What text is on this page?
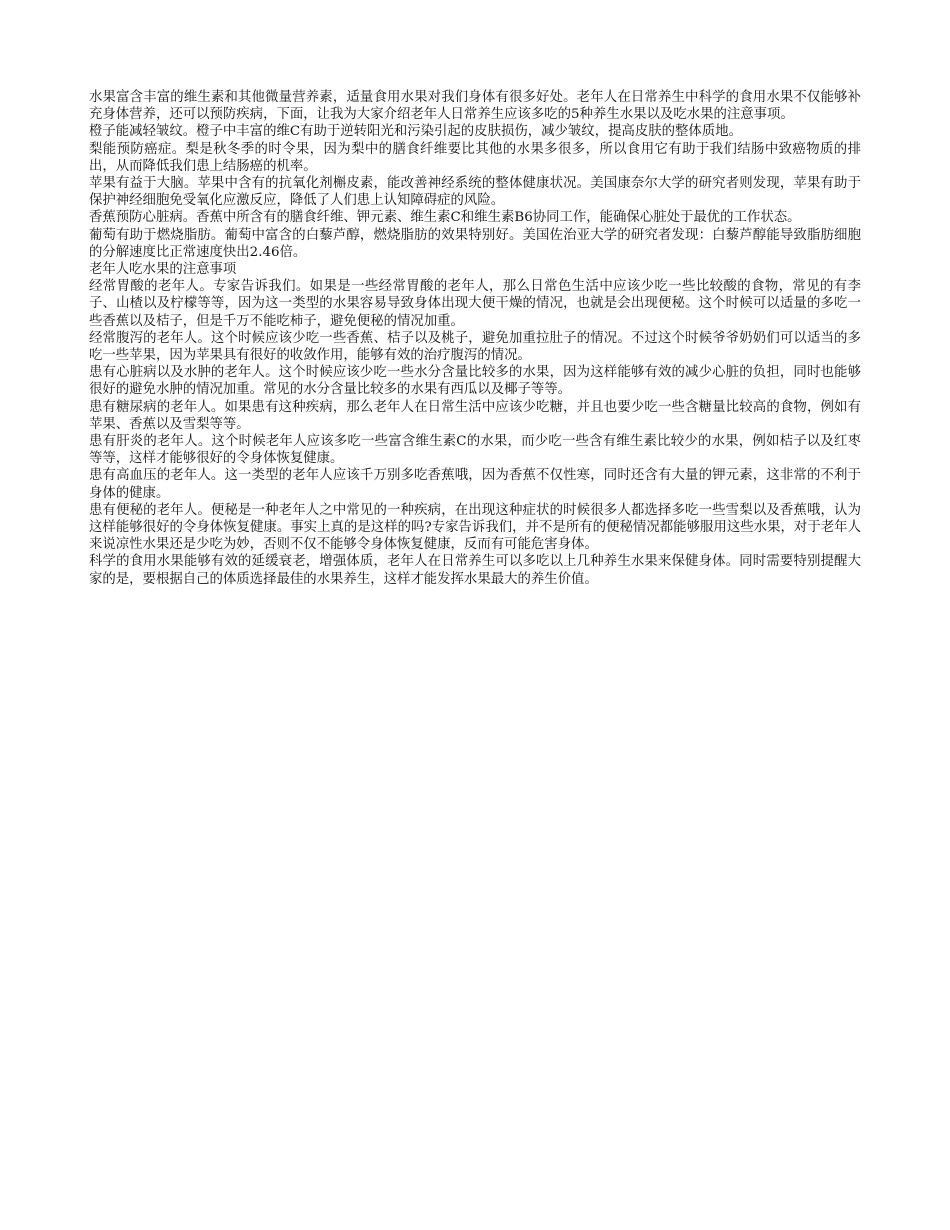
水果富含丰富的维生素和其他微量营养素，适量食用水果对我们身体有很多好处。老年人在日常养生中科学的食用水果不仅能够补充身体营养，还可以预防疾病，下面，让我为大家介绍老年人日常养生应该多吃的5种养生水果以及吃水果的注意事项。

橙子能减轻皱纹。橙子中丰富的维C有助于逆转阳光和污染引起的皮肤损伤，减少皱纹，提高皮肤的整体质地。

梨能预防癌症。梨是秋冬季的时令果，因为梨中的膳食纤维要比其他的水果多很多，所以食用它有助于我们结肠中致癌物质的排出，从而降低我们患上结肠癌的机率。

苹果有益于大脑。苹果中含有的抗氧化剂槲皮素，能改善神经系统的整体健康状况。美国康奈尔大学的研究者则发现，苹果有助于保护神经细胞免受氧化应激反应，降低了人们患上认知障碍症的风险。

香蕉预防心脏病。香蕉中所含有的膳食纤维、钾元素、维生素C和维生素B6协同工作，能确保心脏处于最优的工作状态。

葡萄有助于燃烧脂肪。葡萄中富含的白藜芦醇，燃烧脂肪的效果特别好。美国佐治亚大学的研究者发现：白藜芦醇能导致脂肪细胞的分解速度比正常速度快出2.46倍。

老年人吃水果的注意事项

经常胃酸的老年人。专家告诉我们。如果是一些经常胃酸的老年人，那么日常色生活中应该少吃一些比较酸的食物，常见的有李子、山楂以及柠檬等等，因为这一类型的水果容易导致身体出现大便干燥的情况，也就是会出现便秘。这个时候可以适量的多吃一些香蕉以及桔子，但是千万不能吃柿子，避免便秘的情况加重。

经常腹泻的老年人。这个时候应该少吃一些香蕉、桔子以及桃子，避免加重拉肚子的情况。不过这个时候爷爷奶奶们可以适当的多吃一些苹果，因为苹果具有很好的收敛作用，能够有效的治疗腹泻的情况。

患有心脏病以及水肿的老年人。这个时候应该少吃一些水分含量比较多的水果，因为这样能够有效的减少心脏的负担，同时也能够很好的避免水肿的情况加重。常见的水分含量比较多的水果有西瓜以及椰子等等。

患有糖尿病的老年人。如果患有这种疾病，那么老年人在日常生活中应该少吃糖，并且也要少吃一些含糖量比较高的食物，例如有苹果、香蕉以及雪梨等等。

患有肝炎的老年人。这个时候老年人应该多吃一些富含维生素C的水果，而少吃一些含有维生素比较少的水果，例如桔子以及红枣等等，这样才能够很好的令身体恢复健康。

患有高血压的老年人。这一类型的老年人应该千万别多吃香蕉哦，因为香蕉不仅性寒，同时还含有大量的钾元素，这非常的不利于身体的健康。

患有便秘的老年人。便秘是一种老年人之中常见的一种疾病，在出现这种症状的时候很多人都选择多吃一些雪梨以及香蕉哦，认为这样能够很好的令身体恢复健康。事实上真的是这样的吗?专家告诉我们，并不是所有的便秘情况都能够服用这些水果，对于老年人来说凉性水果还是少吃为妙，否则不仅不能够令身体恢复健康，反而有可能危害身体。

科学的食用水果能够有效的延缓衰老，增强体质，老年人在日常养生可以多吃以上几种养生水果来保健身体。同时需要特别提醒大家的是，要根据自己的体质选择最佳的水果养生，这样才能发挥水果最大的养生价值。
